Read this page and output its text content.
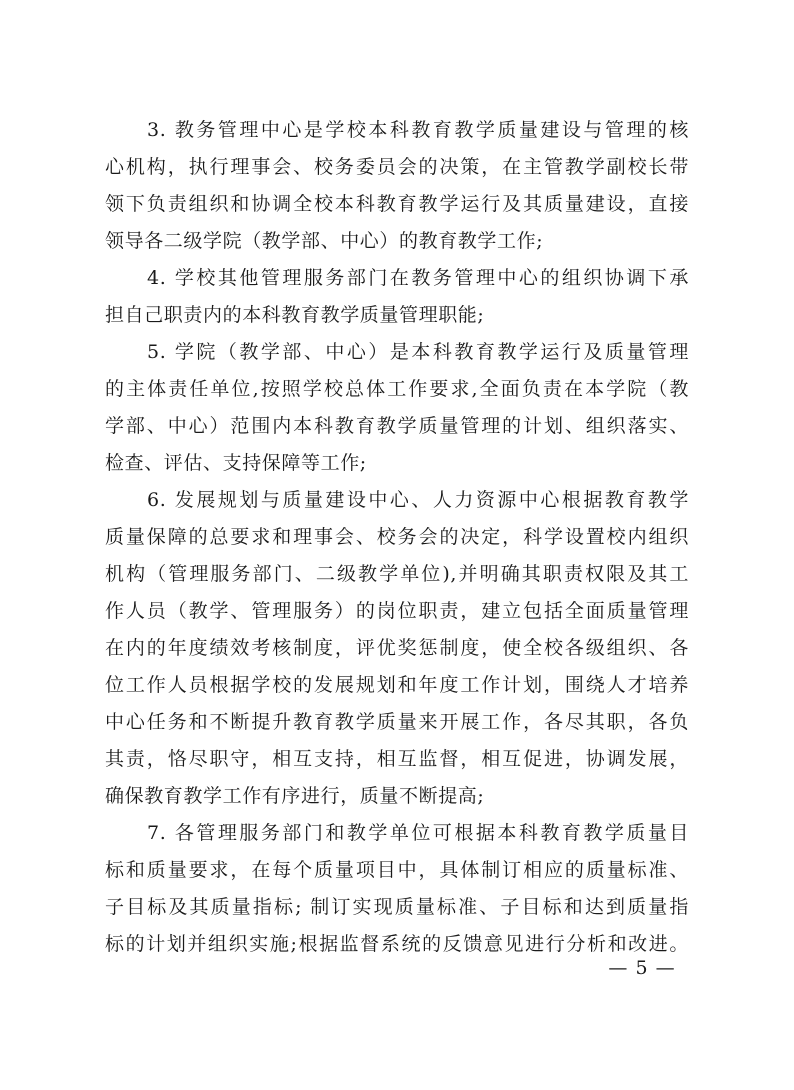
3. 教务管理中心是学校本科教育教学质量建设与管理的核
心机构，执行理事会、校务委员会的决策，在主管教学副校长带
领下负责组织和协调全校本科教育教学运行及其质量建设，直接
领导各二级学院（教学部、中心）的教育教学工作;
4. 学校其他管理服务部门在教务管理中心的组织协调下承
担自己职责内的本科教育教学质量管理职能;
5. 学院（教学部、中心）是本科教育教学运行及质量管理
的主体责任单位,按照学校总体工作要求,全面负责在本学院（教
学部、中心）范围内本科教育教学质量管理的计划、组织落实、
检查、评估、支持保障等工作;
6. 发展规划与质量建设中心、人力资源中心根据教育教学
质量保障的总要求和理事会、校务会的决定，科学设置校内组织
机构（管理服务部门、二级教学单位),并明确其职责权限及其工
作人员（教学、管理服务）的岗位职责，建立包括全面质量管理
在内的年度绩效考核制度，评优奖惩制度，使全校各级组织、各
位工作人员根据学校的发展规划和年度工作计划，围绕人才培养
中心任务和不断提升教育教学质量来开展工作，各尽其职，各负
其责，恪尽职守，相互支持，相互监督，相互促进，协调发展，
确保教育教学工作有序进行，质量不断提高;
7. 各管理服务部门和教学单位可根据本科教育教学质量目
标和质量要求，在每个质量项目中，具体制订相应的质量标准、
子目标及其质量指标; 制订实现质量标准、子目标和达到质量指
标的计划并组织实施;根据监督系统的反馈意见进行分析和改进。
— 5 —
